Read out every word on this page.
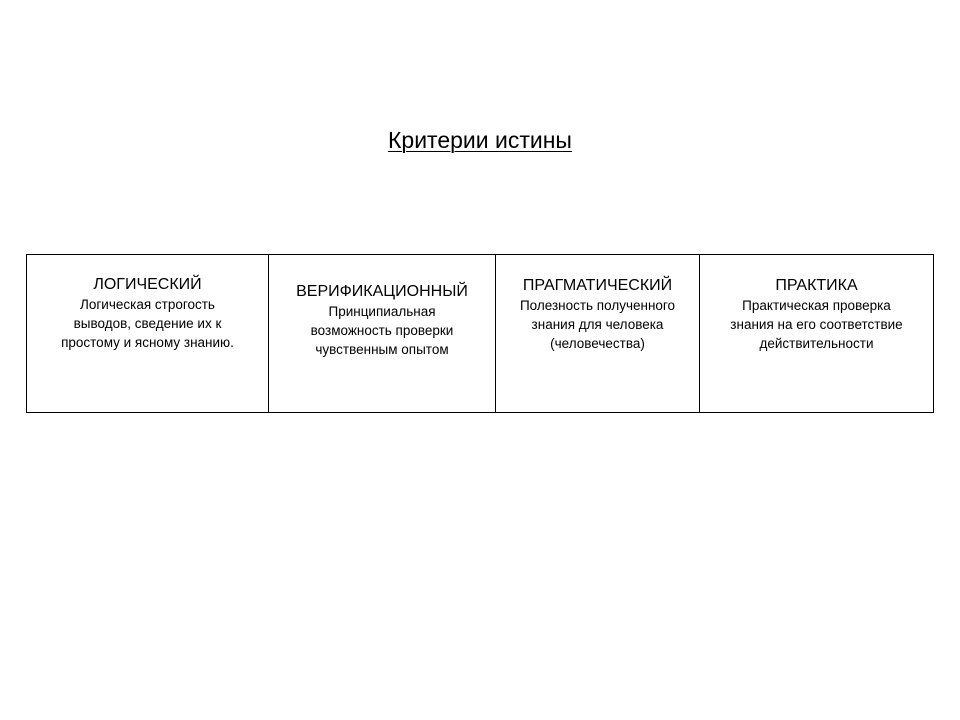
Критерии истины
ЛОГИЧЕСКИЙ
Логическая строгость
выводов, сведение их к
простому и ясному знанию.
ВЕРИФИКАЦИОННЫЙ
Принципиальная
возможность проверки
чувственным опытом
ПРАГМАТИЧЕСКИЙ
Полезность полученного
знания для человека
(человечества)
ПРАКТИКА
Практическая проверка
знания на его соответствие
действительности
